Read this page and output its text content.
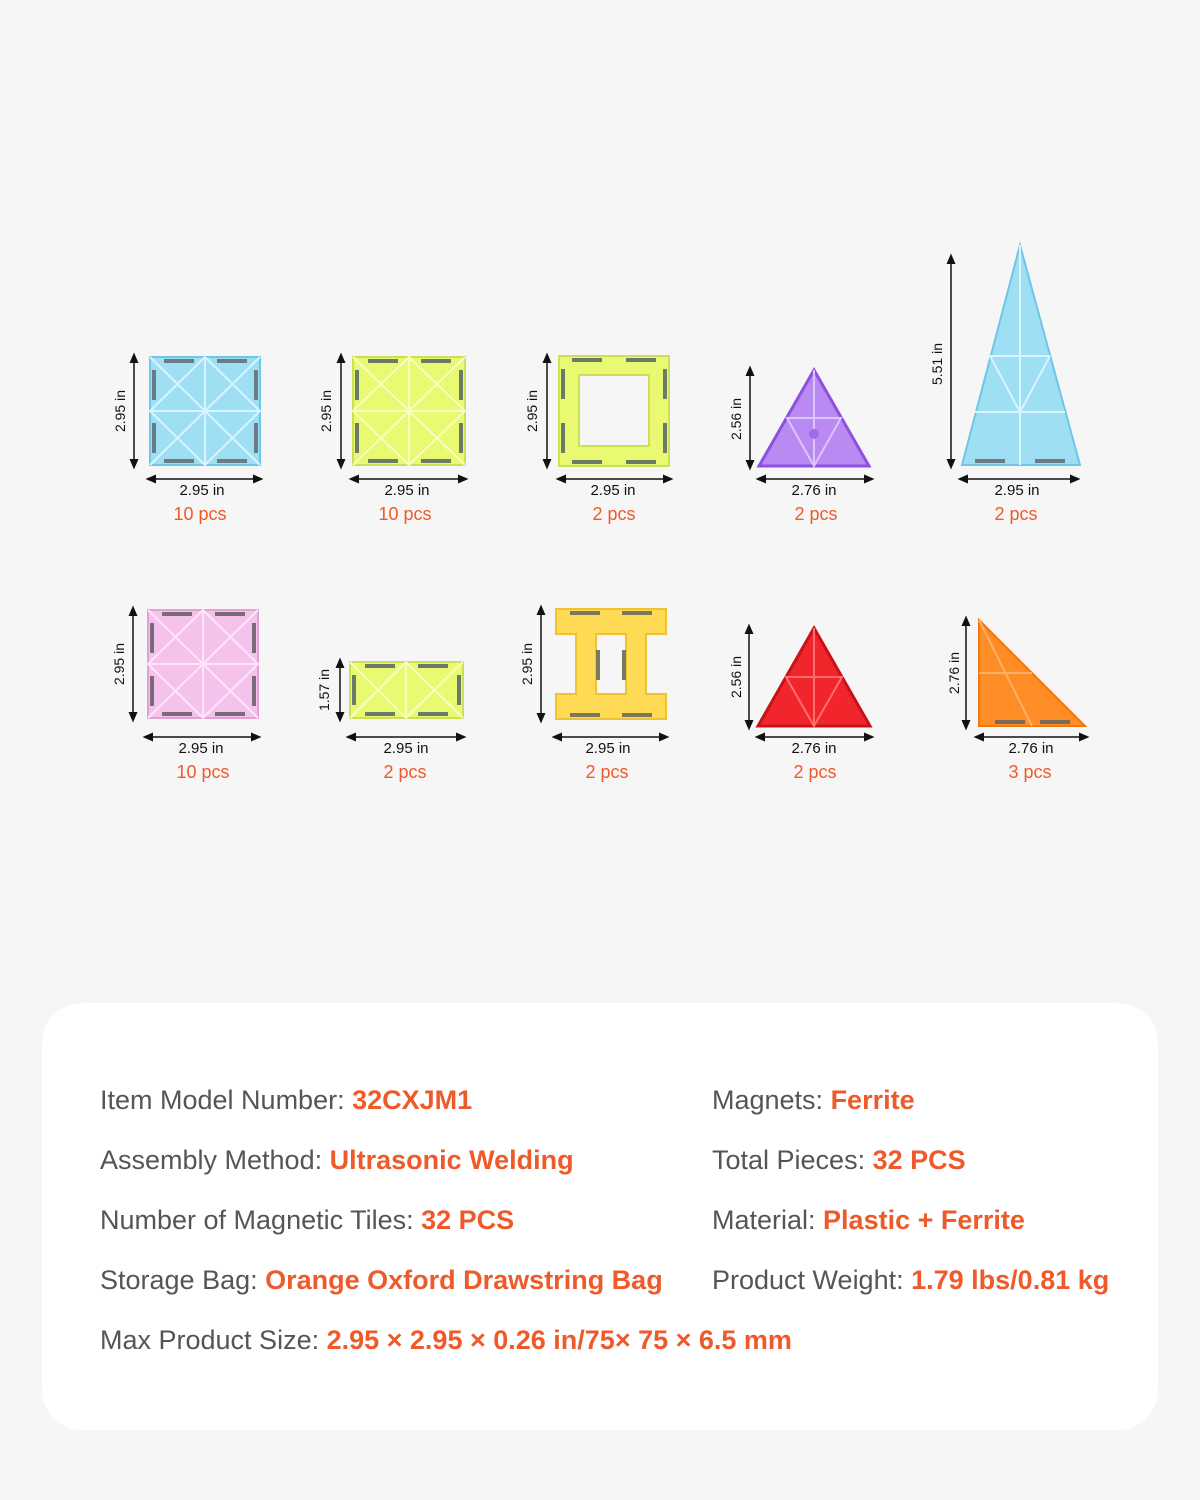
2.95 in
2.95 in
10 pcs
2.95 in
2.95 in
10 pcs
2.95 in
2.95 in
2 pcs
2.56 in
2.76 in
2 pcs
5.51 in
2.95 in
2 pcs
2.95 in
2.95 in
10 pcs
1.57 in
2.95 in
2 pcs
2.95 in
2.95 in
2 pcs
2.56 in
2.76 in
2 pcs
2.76 in
2.76 in
3 pcs
Item Model Number: 32CXJM1	Magnets: Ferrite
Assembly Method: Ultrasonic Welding	Total Pieces: 32 PCS
Number of Magnetic Tiles: 32 PCS	Material: Plastic + Ferrite
Storage Bag: Orange Oxford Drawstring Bag Product Weight: 1.79 lbs/0.81 kg
Max Product Size: 2.95 × 2.95 × 0.26 in/75× 75 × 6.5 mm
